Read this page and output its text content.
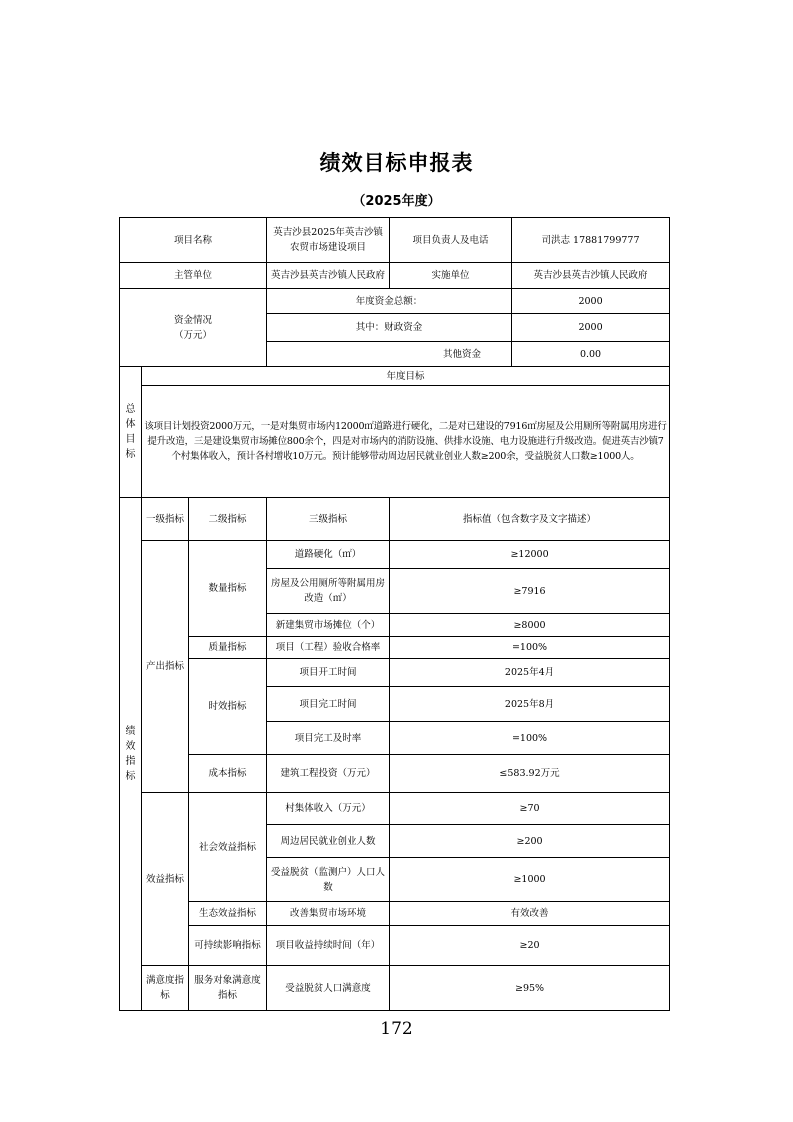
绩效目标申报表
（2025年度）
项目名称			英吉沙县2025年英吉沙镇农贸市场建设项目	项目负责人及电话	司洪志 17881799777
主管单位			英吉沙县英吉沙镇人民政府	实施单位	英吉沙县英吉沙镇人民政府

资金情况
（万元）			年度资金总额：		2000
			其中：财政资金		2000
			其他资金		0.00
总体目标	年度目标				
	该项目计划投资2000万元，一是对集贸市场内12000㎡道路进行硬化，二是对已建设的7916㎡房屋及公用厕所等附属用房进行提升改造，三是建设集贸市场摊位800余个，四是对市场内的消防设施、供排水设施、电力设施进行升级改造。促进英吉沙镇7个村集体收入，预计各村增收10万元。预计能够带动周边居民就业创业人数≥200余，受益脱贫人口数≥1000人。				
绩效指标	一级指标	二级指标	三级指标	指标值（包含数字及文字描述）	
	产出指标	数量指标	道路硬化（㎡）	≥12000	
			房屋及公用厕所等附属用房改造（㎡）	≥7916	
			新建集贸市场摊位（个）	≥8000	
		质量指标	项目（工程）验收合格率	=100%	
		时效指标	项目开工时间	2025年4月	
			项目完工时间	2025年8月	
			项目完工及时率	=100%	
		成本指标	建筑工程投资（万元）	≤583.92万元	
	效益指标	社会效益指标	村集体收入（万元）	≥70	
			周边居民就业创业人数	≥200	
			受益脱贫（监测户）人口人数	≥1000	
		生态效益指标	改善集贸市场环境	有效改善	
		可持续影响指标	项目收益持续时间（年）	≥20	
	满意度指标	服务对象满意度指标	受益脱贫人口满意度	≥95%	
172
